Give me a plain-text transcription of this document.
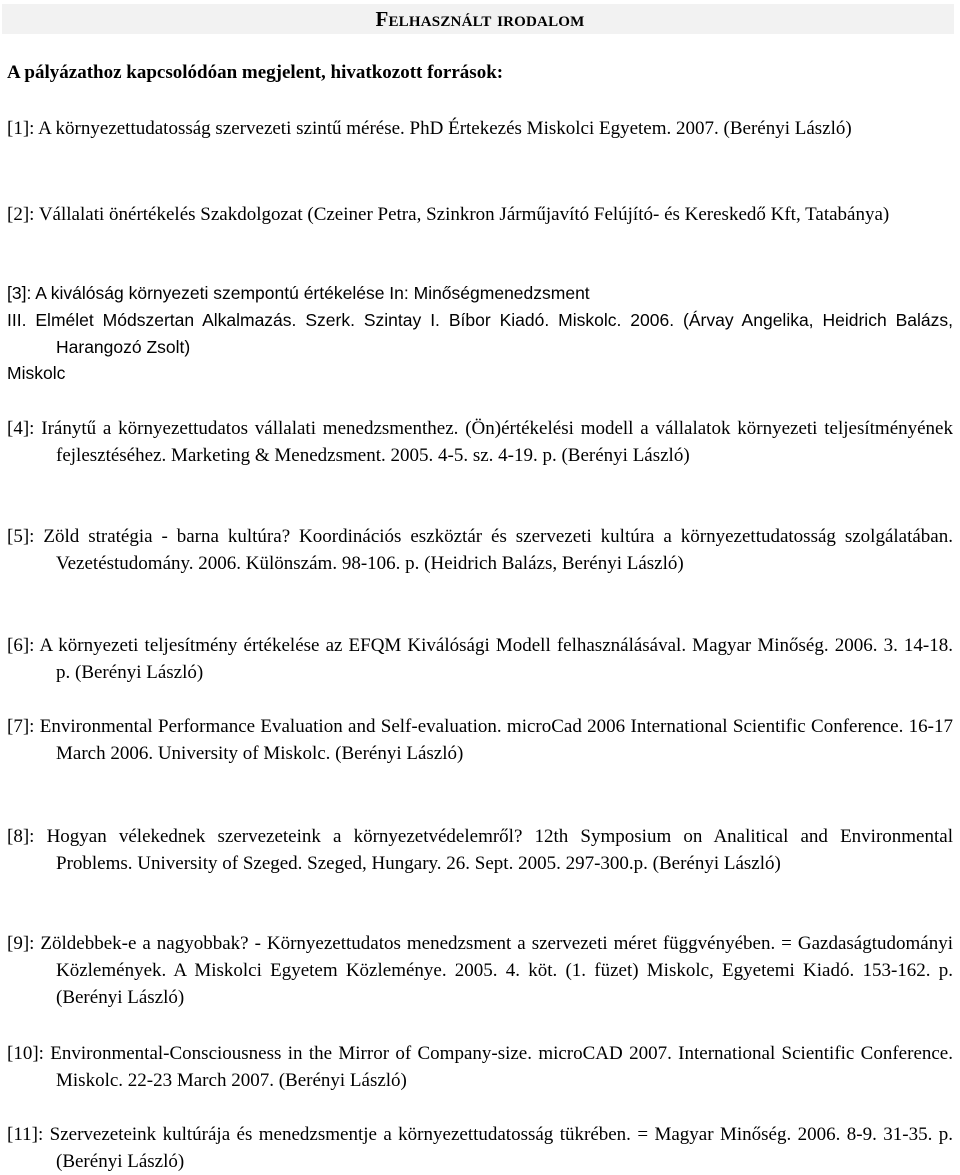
Felhasznált irodalom
A pályázathoz kapcsolódóan megjelent, hivatkozott források:
[1]: A környezettudatosság szervezeti szintű mérése. PhD Értekezés Miskolci Egyetem. 2007. (Berényi László)
[2]: Vállalati önértékelés Szakdolgozat (Czeiner Petra, Szinkron Járműjavító Felújító- és Kereskedő Kft, Tatabánya)
[3]: A kiválóság környezeti szempontú értékelése In: Minőségmenedzsment
III. Elmélet Módszertan Alkalmazás. Szerk. Szintay I. Bíbor Kiadó. Miskolc. 2006. (Árvay Angelika, Heidrich Balázs, Harangozó Zsolt)
Miskolc
[4]: Iránytű a környezettudatos vállalati menedzsmenthez. (Ön)értékelési modell a vállalatok környezeti teljesítményének fejlesztéséhez. Marketing & Menedzsment. 2005. 4-5. sz. 4-19. p. (Berényi László)
[5]: Zöld stratégia - barna kultúra? Koordinációs eszköztár és szervezeti kultúra a környezettudatosság szolgálatában. Vezetéstudomány. 2006. Különszám. 98-106. p. (Heidrich Balázs, Berényi László)
[6]: A környezeti teljesítmény értékelése az EFQM Kiválósági Modell felhasználásával. Magyar Minőség. 2006. 3. 14-18. p. (Berényi László)
[7]: Environmental Performance Evaluation and Self-evaluation. microCad 2006 International Scientific Conference. 16-17 March 2006. University of Miskolc. (Berényi László)
[8]: Hogyan vélekednek szervezeteink a környezetvédelemről? 12th Symposium on Analitical and Environmental Problems. University of Szeged. Szeged, Hungary. 26. Sept. 2005. 297-300.p. (Berényi László)
[9]: Zöldebbek-e a nagyobbak? - Környezettudatos menedzsment a szervezeti méret függvényében. = Gazdaságtudományi Közlemények. A Miskolci Egyetem Közleménye. 2005. 4. köt. (1. füzet) Miskolc, Egyetemi Kiadó. 153-162. p. (Berényi László)
[10]: Environmental-Consciousness in the Mirror of Company-size. microCAD 2007. International Scientific Conference. Miskolc. 22-23 March 2007. (Berényi László)
[11]: Szervezeteink kultúrája és menedzsmentje a környezettudatosság tükrében. = Magyar Minőség. 2006. 8-9. 31-35. p. (Berényi László)
